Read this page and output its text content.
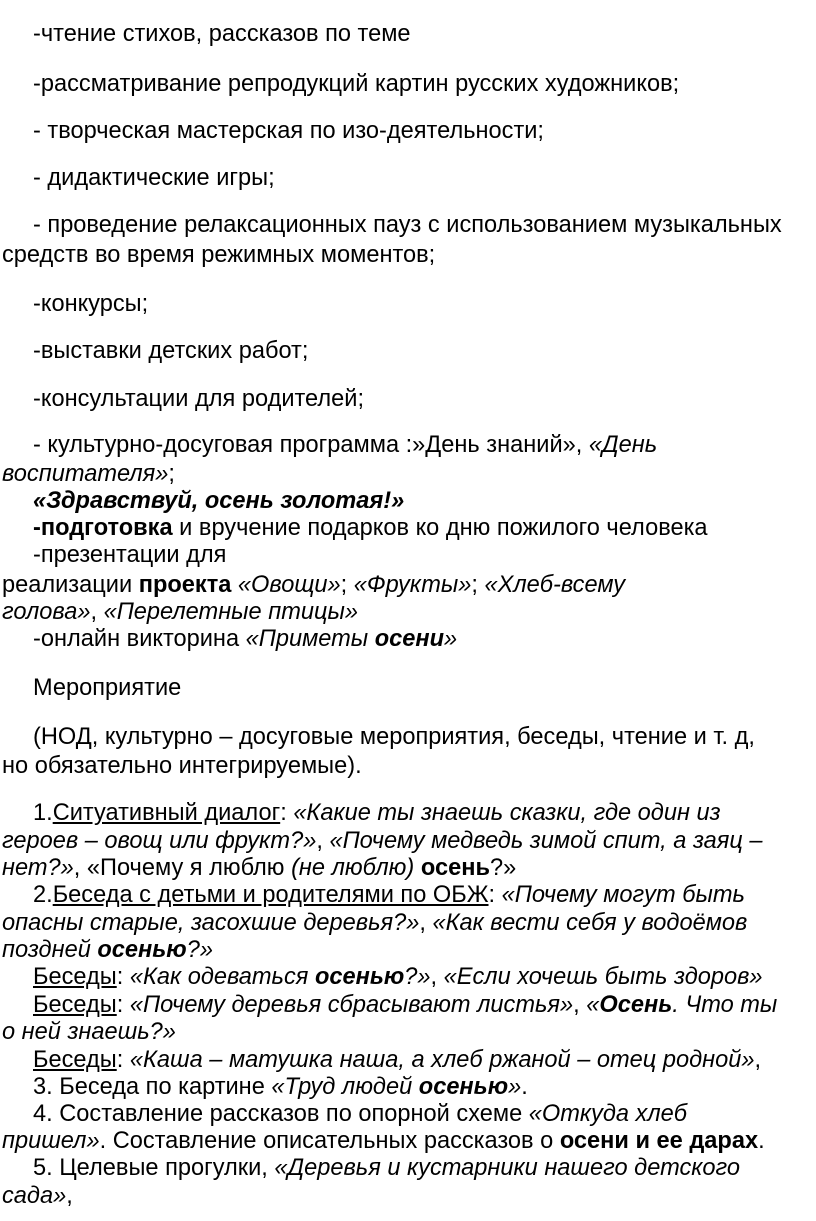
-чтение стихов, рассказов по теме
-рассматривание репродукций картин русских художников;
- творческая мастерская по изо-деятельности;
- дидактические игры;
- проведение релаксационных пауз с использованием музыкальных
средств во время режимных моментов;
-конкурсы;
-выставки детских работ;
-консультации для родителей;
- культурно-досуговая программа :»День знаний», «День
воспитателя»;
«Здравствуй, осень золотая!»
-подготовка и вручение подарков ко дню пожилого человека
-презентации для
реализации проекта «Овощи»; «Фрукты»; «Хлеб-всему
голова», «Перелетные птицы»
-онлайн викторина «Приметы осени»
Мероприятие
(НОД, культурно – досуговые мероприятия, беседы, чтение и т. д,
но обязательно интегрируемые).
1.Ситуативный диалог: «Какие ты знаешь сказки, где один из
героев – овощ или фрукт?», «Почему медведь зимой спит, а заяц –
нет?», «Почему я люблю (не люблю) осень?»
2.Беседа с детьми и родителями по ОБЖ: «Почему могут быть
опасны старые, засохшие деревья?», «Как вести себя у водоёмов
поздней осенью?»
Беседы: «Как одеваться осенью?», «Если хочешь быть здоров»
Беседы: «Почему деревья сбрасывают листья», «Осень. Что ты
о ней знаешь?»
Беседы: «Каша – матушка наша, а хлеб ржаной – отец родной»,
3. Беседа по картине «Труд людей осенью».
4. Составление рассказов по опорной схеме «Откуда хлеб
пришел». Составление описательных рассказов о осени и ее дарах.
5. Целевые прогулки, «Деревья и кустарники нашего детского
сада»,
